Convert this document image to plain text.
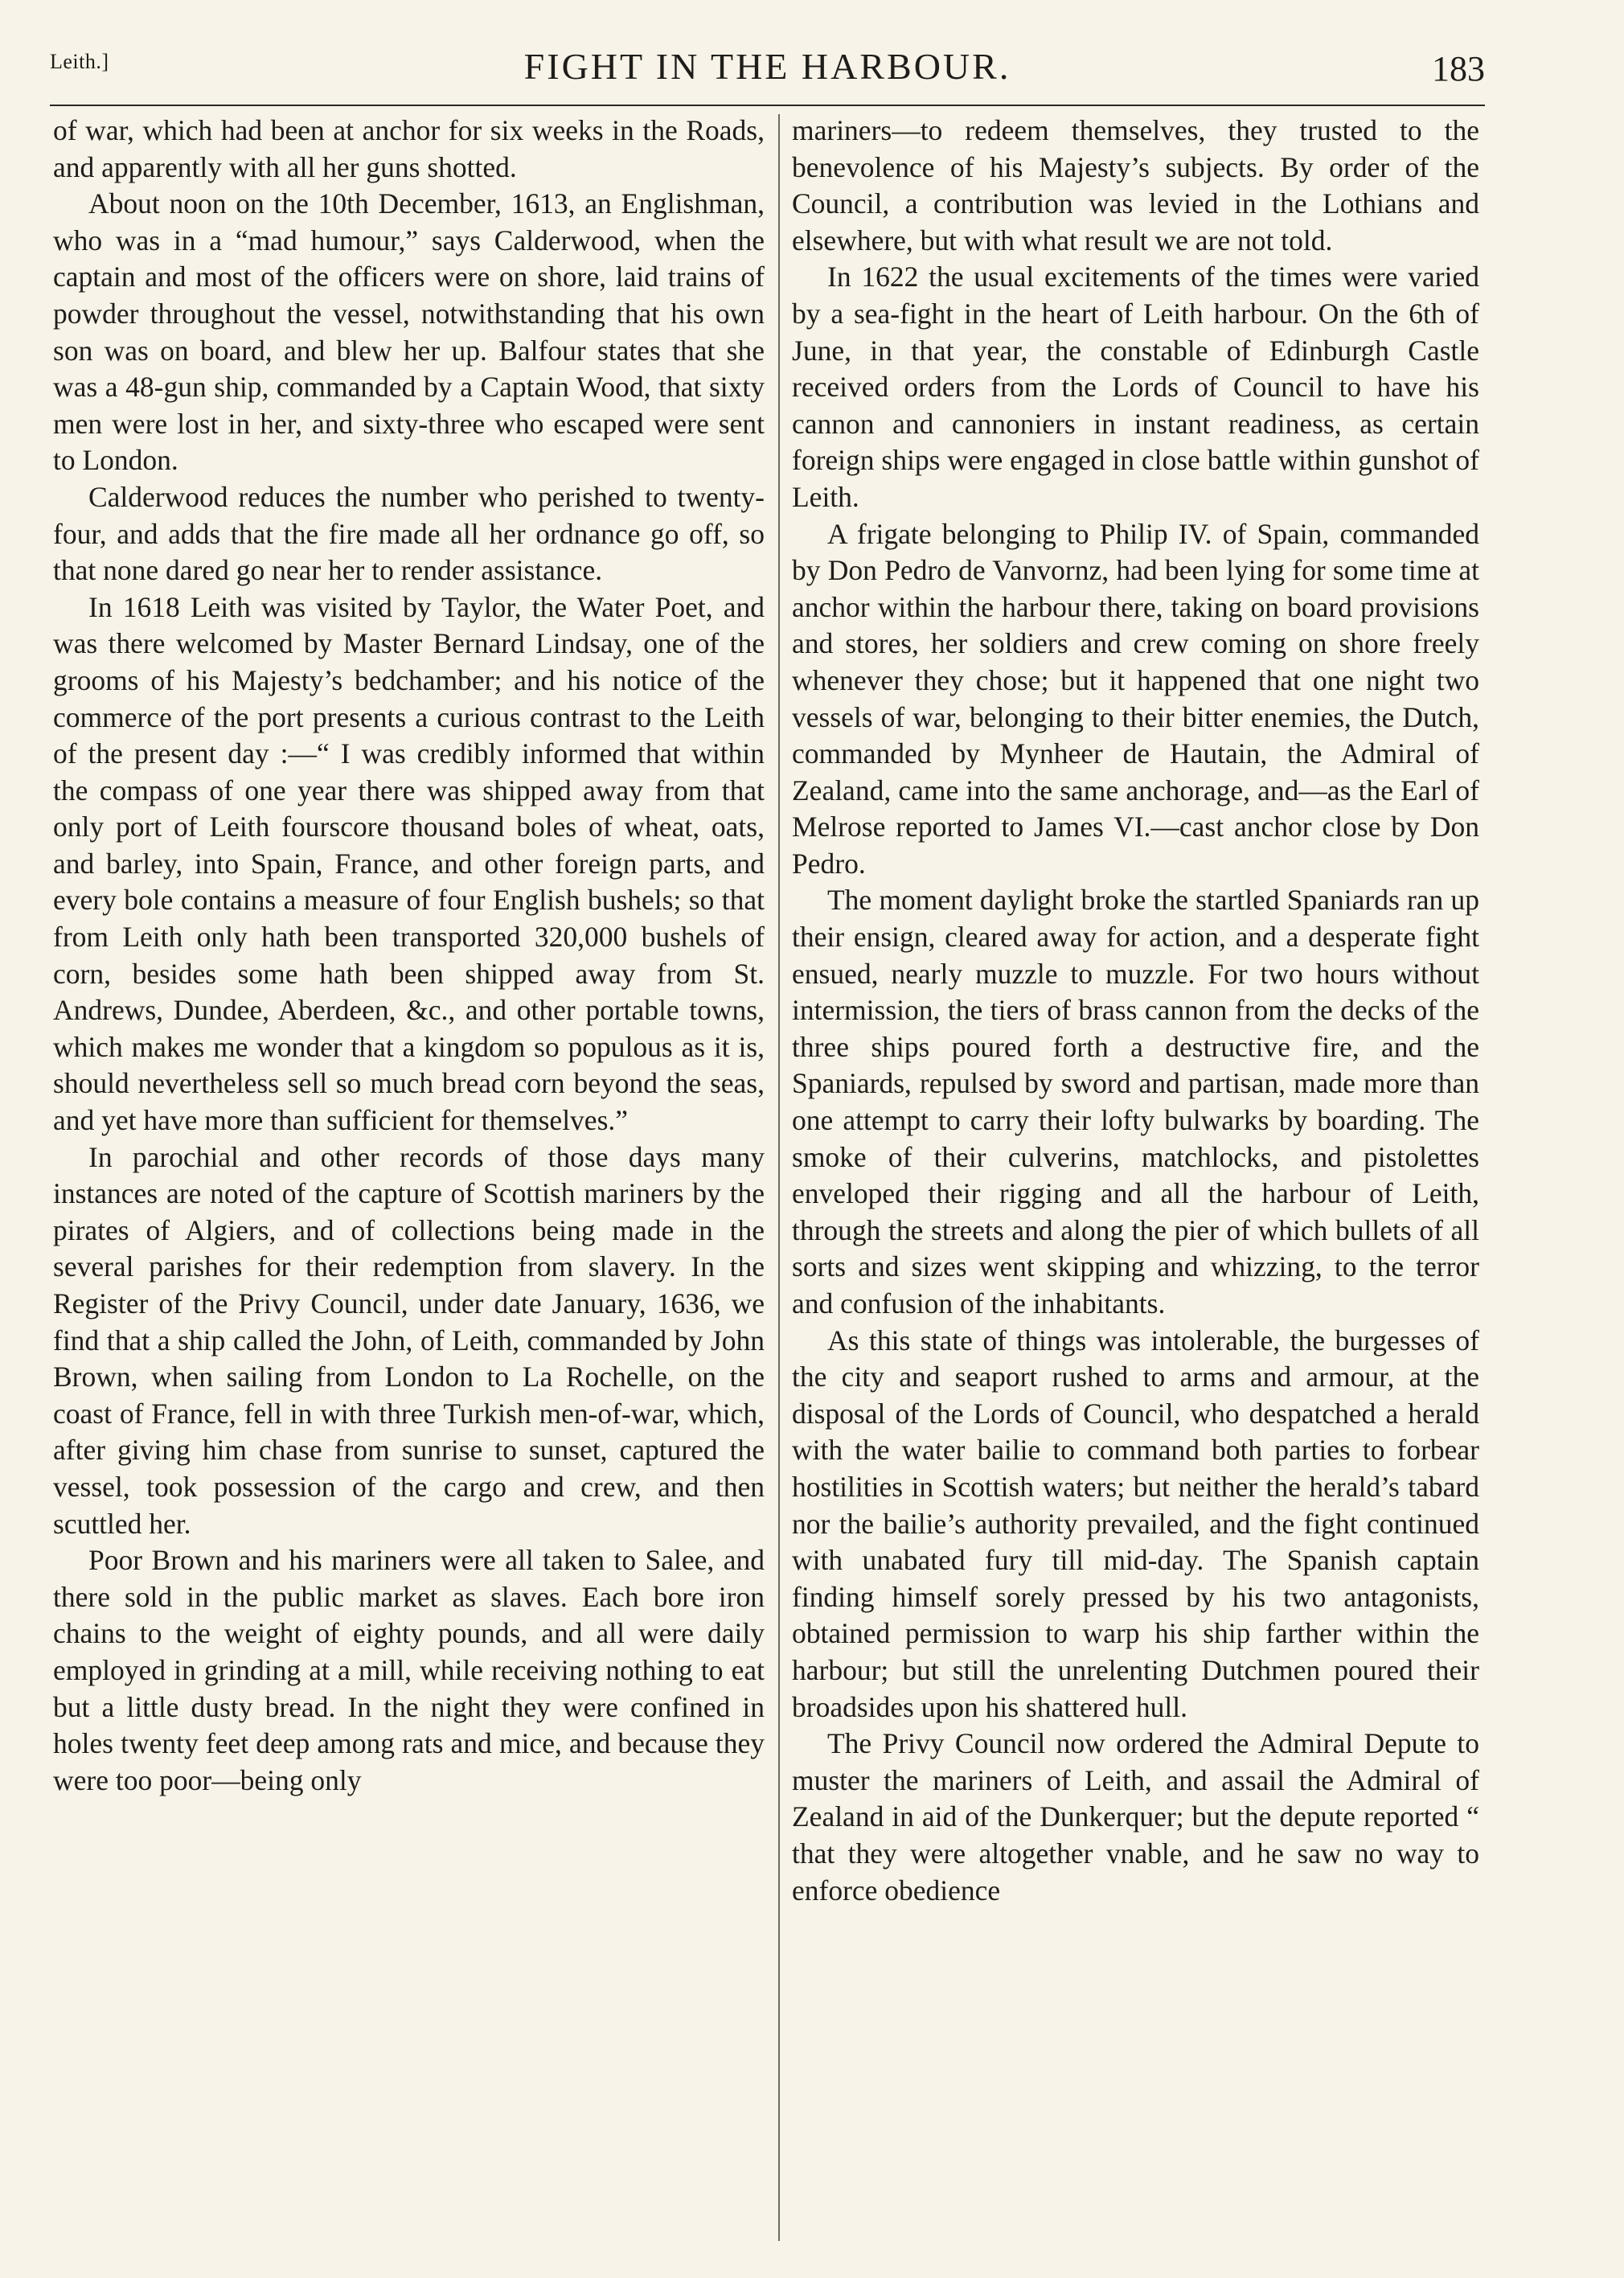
Leith.]	FIGHT IN THE HARBOUR.	183

of war, which had been at anchor for six weeks in the Roads, and apparently with all her guns shotted.

About noon on the 10th December, 1613, an Englishman, who was in a “mad humour,” says Calderwood, when the captain and most of the officers were on shore, laid trains of powder throughout the vessel, notwithstanding that his own son was on board, and blew her up. Balfour states that she was a 48-gun ship, commanded by a Captain Wood, that sixty men were lost in her, and sixty-three who escaped were sent to London.

Calderwood reduces the number who perished to twenty-four, and adds that the fire made all her ordnance go off, so that none dared go near her to render assistance.

In 1618 Leith was visited by Taylor, the Water Poet, and was there welcomed by Master Bernard Lindsay, one of the grooms of his Majesty’s bedchamber; and his notice of the commerce of the port presents a curious contrast to the Leith of the present day :—“ I was credibly informed that within the compass of one year there was shipped away from that only port of Leith fourscore thousand boles of wheat, oats, and barley, into Spain, France, and other foreign parts, and every bole contains a measure of four English bushels; so that from Leith only hath been transported 320,000 bushels of corn, besides some hath been shipped away from St. Andrews, Dundee, Aberdeen, &c., and other portable towns, which makes me wonder that a kingdom so populous as it is, should nevertheless sell so much bread corn beyond the seas, and yet have more than sufficient for themselves.”

In parochial and other records of those days many instances are noted of the capture of Scottish mariners by the pirates of Algiers, and of collections being made in the several parishes for their redemption from slavery. In the Register of the Privy Council, under date January, 1636, we find that a ship called the John, of Leith, commanded by John Brown, when sailing from London to La Rochelle, on the coast of France, fell in with three Turkish men-of-war, which, after giving him chase from sunrise to sunset, captured the vessel, took possession of the cargo and crew, and then scuttled her.

Poor Brown and his mariners were all taken to Salee, and there sold in the public market as slaves. Each bore iron chains to the weight of eighty pounds, and all were daily employed in grinding at a mill, while receiving nothing to eat but a little dusty bread. In the night they were confined in holes twenty feet deep among rats and mice, and because they were too poor—being only

mariners—to redeem themselves, they trusted to the benevolence of his Majesty’s subjects. By order of the Council, a contribution was levied in the Lothians and elsewhere, but with what result we are not told.

In 1622 the usual excitements of the times were varied by a sea-fight in the heart of Leith harbour. On the 6th of June, in that year, the constable of Edinburgh Castle received orders from the Lords of Council to have his cannon and cannoniers in instant readiness, as certain foreign ships were engaged in close battle within gunshot of Leith.

A frigate belonging to Philip IV. of Spain, commanded by Don Pedro de Vanvornz, had been lying for some time at anchor within the harbour there, taking on board provisions and stores, her soldiers and crew coming on shore freely whenever they chose; but it happened that one night two vessels of war, belonging to their bitter enemies, the Dutch, commanded by Mynheer de Hautain, the Admiral of Zealand, came into the same anchorage, and—as the Earl of Melrose reported to James VI.—cast anchor close by Don Pedro.

The moment daylight broke the startled Spaniards ran up their ensign, cleared away for action, and a desperate fight ensued, nearly muzzle to muzzle. For two hours without intermission, the tiers of brass cannon from the decks of the three ships poured forth a destructive fire, and the Spaniards, repulsed by sword and partisan, made more than one attempt to carry their lofty bulwarks by boarding. The smoke of their culverins, matchlocks, and pistolettes enveloped their rigging and all the harbour of Leith, through the streets and along the pier of which bullets of all sorts and sizes went skipping and whizzing, to the terror and confusion of the inhabitants.

As this state of things was intolerable, the burgesses of the city and seaport rushed to arms and armour, at the disposal of the Lords of Council, who despatched a herald with the water bailie to command both parties to forbear hostilities in Scottish waters; but neither the herald’s tabard nor the bailie’s authority prevailed, and the fight continued with unabated fury till mid-day. The Spanish captain finding himself sorely pressed by his two antagonists, obtained permission to warp his ship farther within the harbour; but still the unrelenting Dutchmen poured their broadsides upon his shattered hull.

The Privy Council now ordered the Admiral Depute to muster the mariners of Leith, and assail the Admiral of Zealand in aid of the Dunkerquer; but the depute reported “ that they were altogether vnable, and he saw no way to enforce obedience
